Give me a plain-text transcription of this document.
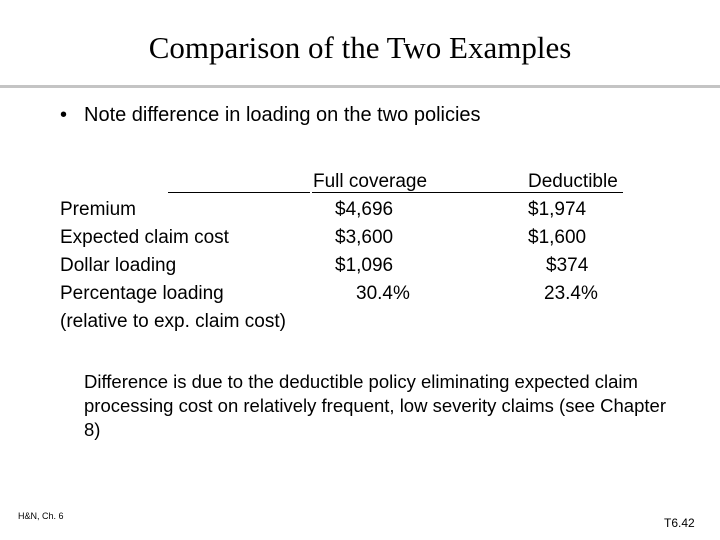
Comparison of the Two Examples
• Note difference in loading on the two policies
Full coverage	Deductible
Premium
Expected claim cost
Dollar loading
Percentage loading
(relative to exp. claim cost)
$4,696
$3,600
$1,096
30.4%
$1,974
$1,600
$374
23.4%
Difference is due to the deductible policy eliminating expected claim processing cost on relatively frequent, low severity claims (see Chapter 8)
H&N, Ch. 6	T6.42
